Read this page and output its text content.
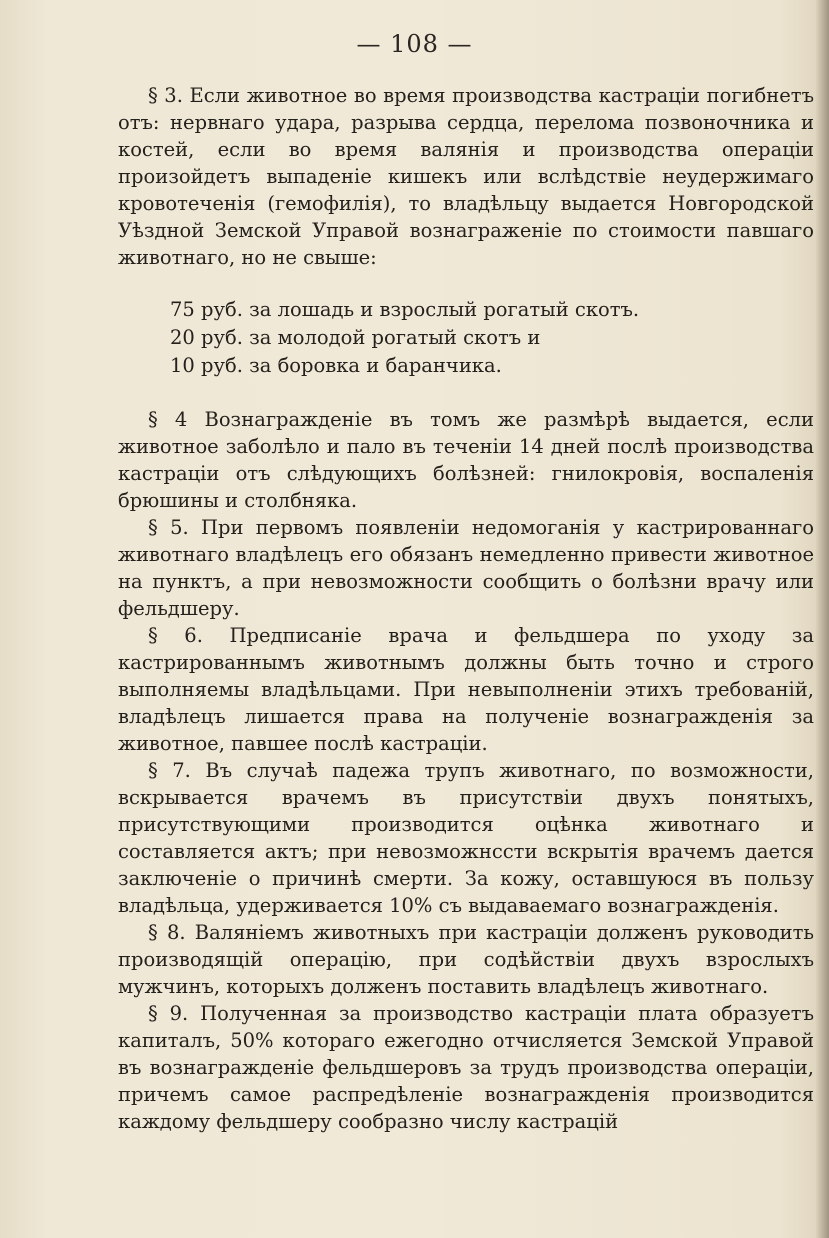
— 108 —

§ 3. Если животное во время производства кастрацiи погибнетъ отъ: нервнаго удара, разрыва сердца, перелома позвоночника и костей, если во время валянiя и производства операцiи произойдетъ выпаденiе кишекъ или вслѣдствiе неудержимаго кровотеченiя (гемофилiя), то владѣльцу выдается Новгородской Уѣздной Земской Управой вознагражeнiе по стоимости павшаго животнаго, но не свыше:

75 руб. за лошадь и взрослый рогатый скотъ.
20 руб. за молодой рогатый скотъ и
10 руб. за боровка и баранчика.

§ 4 Вознагражденiе въ томъ же размѣрѣ выдается, если животное заболѣло и пало въ теченiи 14 дней послѣ производства кастрацiи отъ слѣдующихъ болѣзней: гнилокровiя, воспаленiя брюшины и столбняка.

§ 5. При первомъ появленiи недомоганiя у кастрированнаго животнаго владѣлецъ его обязанъ немедленно привести животное на пунктъ, а при невозможности сообщить о болѣзни врачу или фельдшеру.

§ 6. Предписанiе врача и фельдшера по уходу за кастрированнымъ животнымъ должны быть точно и строго выполняемы владѣльцами. При невыполненiи этихъ требованiй, владѣлецъ лишается права на полученiе вознагражденiя за животное, павшее послѣ кастрацiи.

§ 7. Въ случаѣ падежа трупъ животнаго, по возможности, вскрывается врачемъ въ присутствiи двухъ понятыхъ, присутствующими производится оцѣнка животнаго и составляется актъ; при невозможнсcти вскрытiя врачемъ дается заключенiе о причинѣ смерти. За кожу, оставшуюся въ пользу владѣльца, удерживается 10% съ выдаваемаго вознагражденiя.

§ 8. Валянiемъ животныхъ при кастрацiи долженъ руководить производящiй операцiю, при содѣйствiи двухъ взрослыхъ мужчинъ, которыхъ долженъ поставить владѣлецъ животнаго.

§ 9. Полученная за производство кастрацiи плата образуетъ капиталъ, 50% котораго ежегодно отчисляется Земской Управой въ вознагражденiе фельдшеровъ за трудъ производства операцiи, причемъ самое распредѣленiе вознагражденiя производится каждому фельдшеру сообразно числу кастрацiй
